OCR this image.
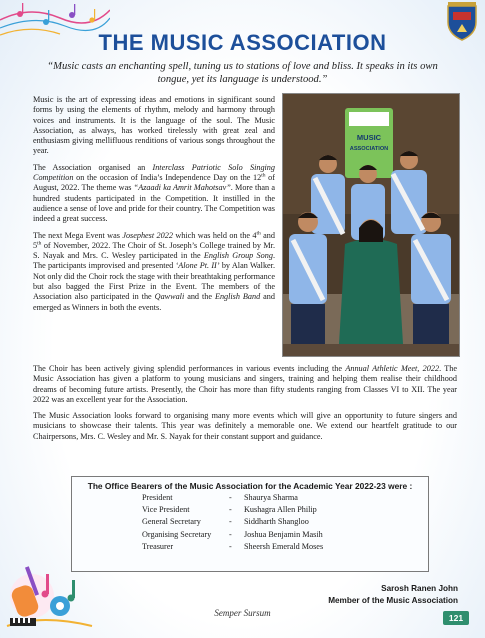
THE MUSIC ASSOCIATION
“Music casts an enchanting spell, tuning us to stations of love and bliss. It speaks in its own tongue, yet its language is understood.”

Music is the art of expressing ideas and emotions in significant sound forms by using the elements of rhythm, melody and harmony through voices and instruments. It is the language of the soul. The Music Association, as always, has worked tirelessly with great zeal and enthusiasm giving mellifluous renditions of various songs throughout the year.

The Association organised an Interclass Patriotic Solo Singing Competition on the occasion of India’s Independence Day on the 12th of August, 2022. The theme was “Azaadi ka Amrit Mahotsav”. More than a hundred students participated in the Competition. It instilled in the audience a sense of love and pride for their country. The Competition was indeed a great success.

The next Mega Event was Josephest 2022 which was held on the 4th and 5th of November, 2022. The Choir of St. Joseph’s College trained by Mr. S. Nayak and Mrs. C. Wesley participated in the English Group Song. The participants improvised and presented ‘Alone Pt. II’ by Alan Walker. Not only did the Choir rock the stage with their breathtaking performance but also bagged the First Prize in the Event. The members of the Association also participated in the Qawwali and the English Band and emerged as Winners in both the events.

MUSIC
ASSOCIATION

The Choir has been actively giving splendid performances in various events including the Annual Athletic Meet, 2022. The Music Association has given a platform to young musicians and singers, training and helping them realise their childhood dreams of becoming future artists. Presently, the Choir has more than fifty students ranging from Classes VI to XII. The year 2022 was an excellent year for the Association.

The Music Association looks forward to organising many more events which will give an opportunity to future singers and musicians to showcase their talents. This year was definitely a memorable one. We extend our heartfelt gratitude to our Chairpersons, Mrs. C. Wesley and Mr. S. Nayak for their constant support and guidance.

The Office Bearers of the Music Association for the Academic Year 2022-23 were :
President	- Shaurya Sharma
Vice President	- Kushagra Allen Philip
General Secretary	- Siddharth Shangloo
Organising Secretary - Joshua Benjamin Masih
Treasurer	- Sheersh Emerald Moses
Sarosh Ranen John
Member of the Music Association
Semper Sursum	121
